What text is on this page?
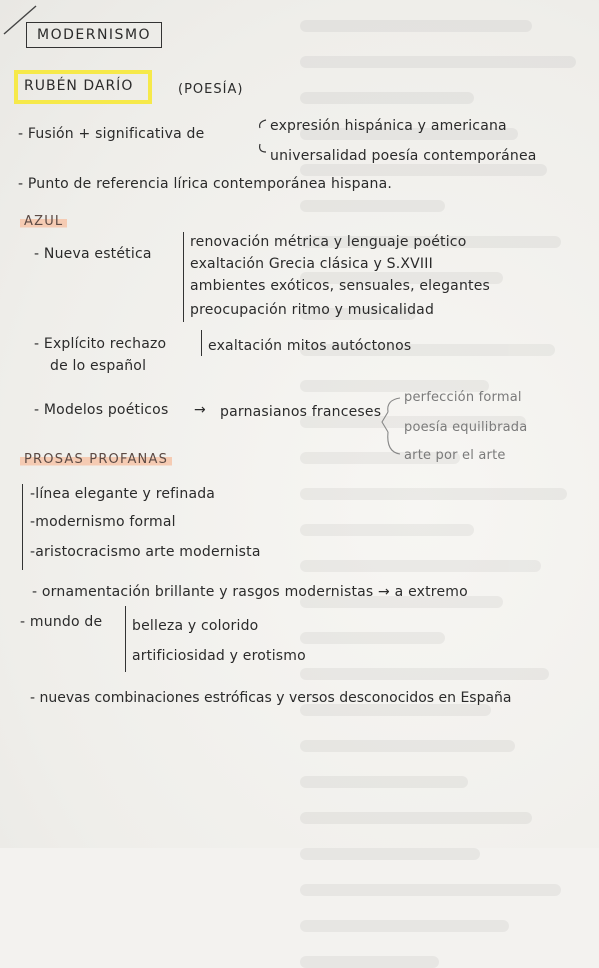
MODERNISMO
RUBÉN DARÍO	(POESÍA)
- Fusión + significativa de	expresión hispánica y americana
universalidad poesía contemporánea
- Punto de referencia lírica contemporánea hispana.
AZUL
- Nueva estética
renovación métrica y lenguaje poético
exaltación Grecia clásica y S.XVIII
ambientes exóticos, sensuales, elegantes
preocupación ritmo y musicalidad
- Explícito rechazo
de lo español
exaltación mitos autóctonos
- Modelos poéticos → parnasianos franceses
perfección formal
poesía equilibrada
arte por el arte
PROSAS PROFANAS
-línea elegante y refinada
-modernismo formal
-aristocracismo arte modernista
- ornamentación brillante y rasgos modernistas → a extremo
- mundo de belleza y colorido
artificiosidad y erotismo
- nuevas combinaciones estróficas y versos desconocidos en España
